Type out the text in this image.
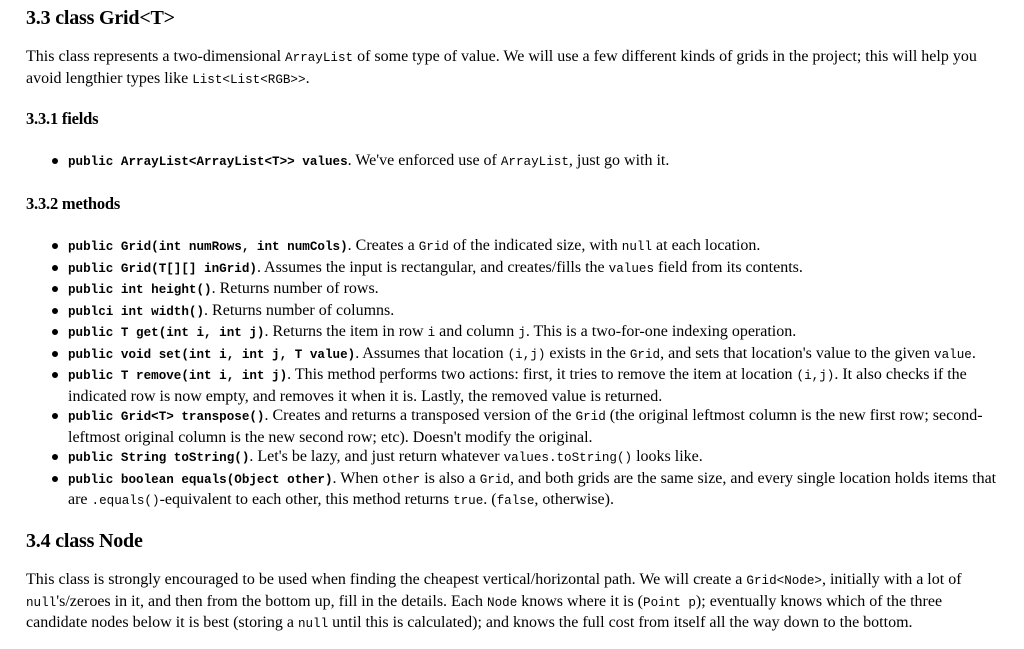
3.3 class Grid<T>

This class represents a two-dimensional ArrayList of some type of value. We will use a few different kinds of grids in the project; this will help you avoid lengthier types like List<List<RGB>>.

3.3.1 fields
public ArrayList<ArrayList<T>> values. We've enforced use of ArrayList, just go with it.
3.3.2 methods
public Grid(int numRows, int numCols). Creates a Grid of the indicated size, with null at each location.
public Grid(T[][] inGrid). Assumes the input is rectangular, and creates/fills the values field from its contents.
public int height(). Returns number of rows.
publci int width(). Returns number of columns.
public T get(int i, int j). Returns the item in row i and column j. This is a two-for-one indexing operation.
public void set(int i, int j, T value). Assumes that location (i,j) exists in the Grid, and sets that location's value to the given value.
public T remove(int i, int j). This method performs two actions: first, it tries to remove the item at location (i,j). It also checks if the indicated row is now empty, and removes it when it is. Lastly, the removed value is returned.
public Grid<T> transpose(). Creates and returns a transposed version of the Grid (the original leftmost column is the new first row; second-leftmost original column is the new second row; etc). Doesn't modify the original.
public String toString(). Let's be lazy, and just return whatever values.toString() looks like.
public boolean equals(Object other). When other is also a Grid, and both grids are the same size, and every single location holds items that are .equals()-equivalent to each other, this method returns true. (false, otherwise).
3.4 class Node

This class is strongly encouraged to be used when finding the cheapest vertical/horizontal path. We will create a Grid<Node>, initially with a lot of null's/zeroes in it, and then from the bottom up, fill in the details. Each Node knows where it is (Point p); eventually knows which of the three candidate nodes below it is best (storing a null until this is calculated); and knows the full cost from itself all the way down to the bottom.
